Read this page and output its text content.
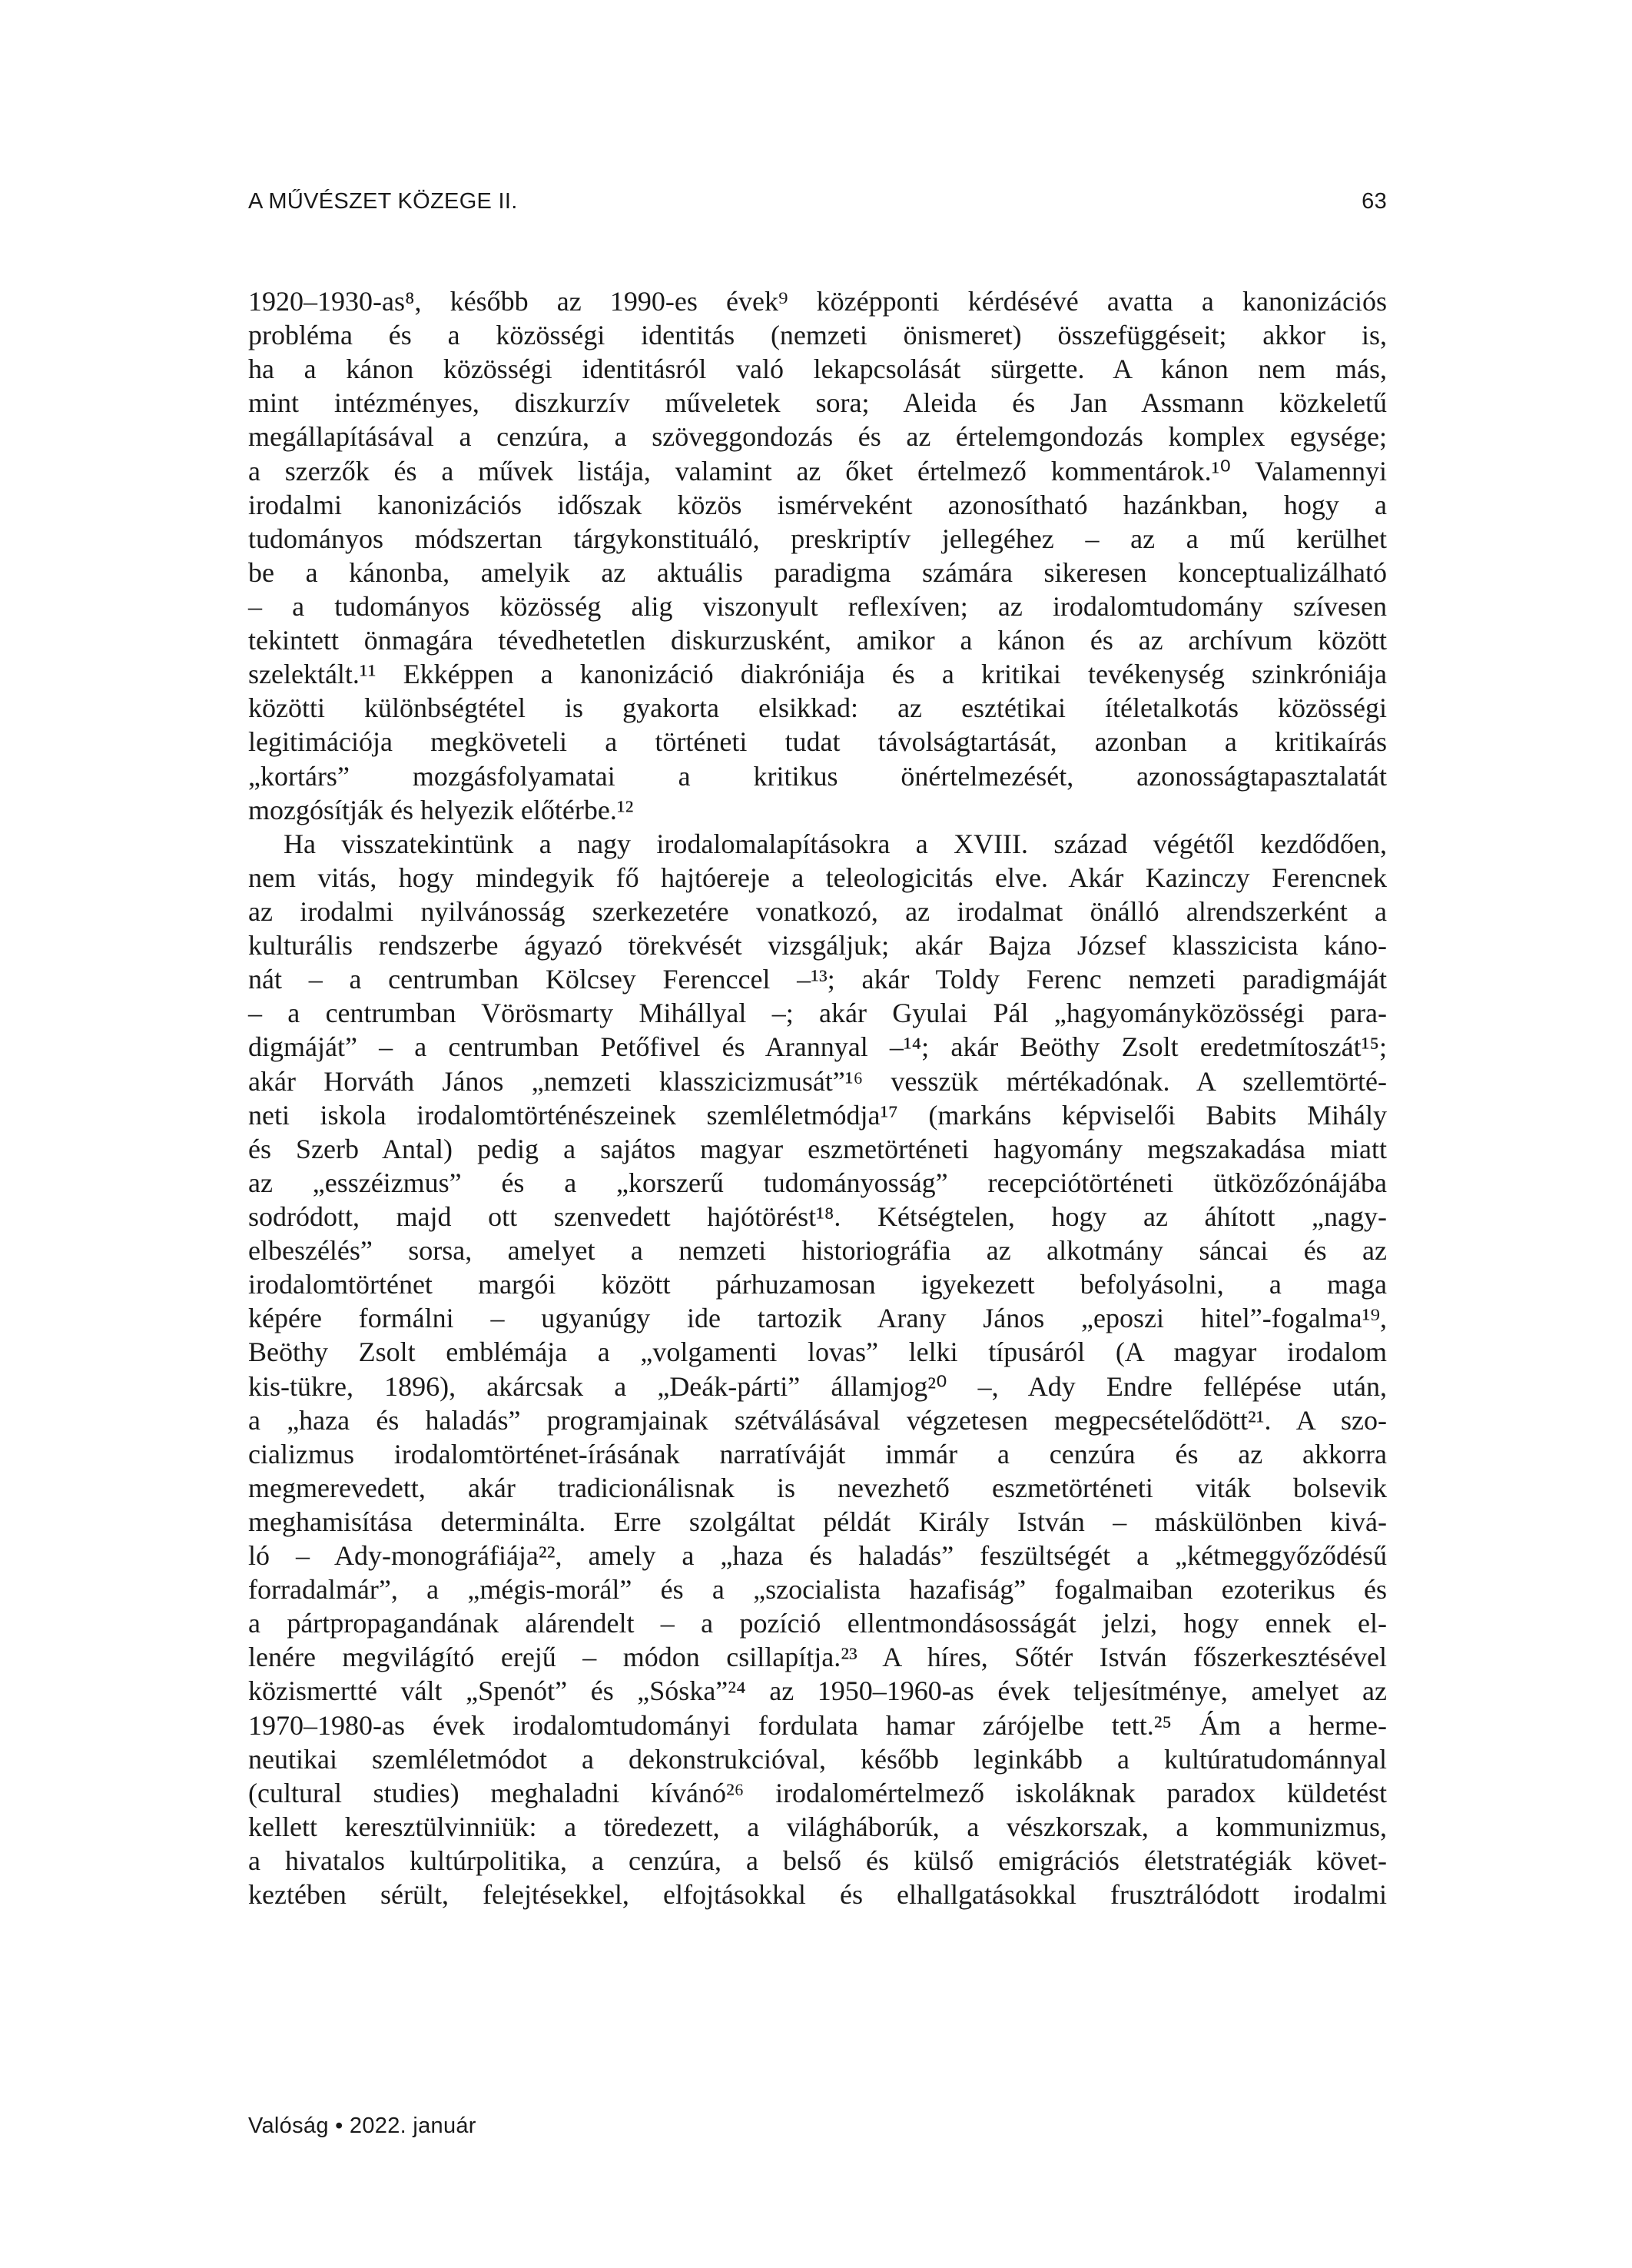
A MŰVÉSZET KÖZEGE II.	63
1920–1930-as⁸, később az 1990-es évek⁹ középponti kérdésévé avatta a kanonizációs
probléma és a közösségi identitás (nemzeti önismeret) összefüggéseit; akkor is,
ha a kánon közösségi identitásról való lekapcsolását sürgette. A kánon nem más,
mint intézményes, diszkurzív műveletek sora; Aleida és Jan Assmann közkeletű
megállapításával a cenzúra, a szöveggondozás és az értelemgondozás komplex egysége;
a szerzők és a művek listája, valamint az őket értelmező kommentárok.¹⁰ Valamennyi
irodalmi kanonizációs időszak közös ismérveként azonosítható hazánkban, hogy a
tudományos módszertan tárgykonstituáló, preskriptív jellegéhez – az a mű kerülhet
be a kánonba, amelyik az aktuális paradigma számára sikeresen konceptualizálható
– a tudományos közösség alig viszonyult reflexíven; az irodalomtudomány szívesen
tekintett önmagára tévedhetetlen diskurzusként, amikor a kánon és az archívum között
szelektált.¹¹ Ekképpen a kanonizáció diakróniája és a kritikai tevékenység szinkróniája
közötti különbségtétel is gyakorta elsikkad: az esztétikai ítéletalkotás közösségi
legitimációja megköveteli a történeti tudat távolságtartását, azonban a kritikaírás
„kortárs” mozgásfolyamatai a kritikus önértelmezését, azonosságtapasztalatát
mozgósítják és helyezik előtérbe.¹²
Ha visszatekintünk a nagy irodalomalapításokra a XVIII. század végétől kezdődően,
nem vitás, hogy mindegyik fő hajtóereje a teleologicitás elve. Akár Kazinczy Ferencnek
az irodalmi nyilvánosság szerkezetére vonatkozó, az irodalmat önálló alrendszerként a
kulturális rendszerbe ágyazó törekvését vizsgáljuk; akár Bajza József klasszicista káno-
nát – a centrumban Kölcsey Ferenccel –¹³; akár Toldy Ferenc nemzeti paradigmáját
– a centrumban Vörösmarty Mihállyal –; akár Gyulai Pál „hagyományközösségi para-
digmáját” – a centrumban Petőfivel és Arannyal –¹⁴; akár Beöthy Zsolt eredetmítoszát¹⁵;
akár Horváth János „nemzeti klasszicizmusát”¹⁶ vesszük mértékadónak. A szellemtörté-
neti iskola irodalomtörténészeinek szemléletmódja¹⁷ (markáns képviselői Babits Mihály
és Szerb Antal) pedig a sajátos magyar eszmetörténeti hagyomány megszakadása miatt
az „esszéizmus” és a „korszerű tudományosság” recepciótörténeti ütközőzónájába
sodródott, majd ott szenvedett hajótörést¹⁸. Kétségtelen, hogy az áhított „nagy-
elbeszélés” sorsa, amelyet a nemzeti historiográfia az alkotmány sáncai és az
irodalomtörténet margói között párhuzamosan igyekezett befolyásolni, a maga
képére formálni – ugyanúgy ide tartozik Arany János „eposzi hitel”-fogalma¹⁹,
Beöthy Zsolt emblémája a „volgamenti lovas” lelki típusáról (A magyar irodalom
kis-tükre, 1896), akárcsak a „Deák-párti” államjog²⁰ –, Ady Endre fellépése után,
a „haza és haladás” programjainak szétválásával végzetesen megpecsételődött²¹. A szo-
cializmus irodalomtörténet-írásának narratíváját immár a cenzúra és az akkorra
megmerevedett, akár tradicionálisnak is nevezhető eszmetörténeti viták bolsevik
meghamisítása determinálta. Erre szolgáltat példát Király István – máskülönben kivá-
ló – Ady-monográfiája²², amely a „haza és haladás” feszültségét a „kétmeggyőződésű
forradalmár”, a „mégis-morál” és a „szocialista hazafiság” fogalmaiban ezoterikus és
a pártpropagandának alárendelt – a pozíció ellentmondásosságát jelzi, hogy ennek el-
lenére megvilágító erejű – módon csillapítja.²³ A híres, Sőtér István főszerkesztésével
közismertté vált „Spenót” és „Sóska”²⁴ az 1950–1960-as évek teljesítménye, amelyet az
1970–1980-as évek irodalomtudományi fordulata hamar zárójelbe tett.²⁵ Ám a herme-
neutikai szemléletmódot a dekonstrukcióval, később leginkább a kultúratudománnyal
(cultural studies) meghaladni kívánó²⁶ irodalomértelmező iskoláknak paradox küldetést
kellett keresztülvinniük: a töredezett, a világháborúk, a vészkorszak, a kommunizmus,
a hivatalos kultúrpolitika, a cenzúra, a belső és külső emigrációs életstratégiák követ-
keztében sérült, felejtésekkel, elfojtásokkal és elhallgatásokkal frusztrálódott irodalmi
Valóság • 2022. január
